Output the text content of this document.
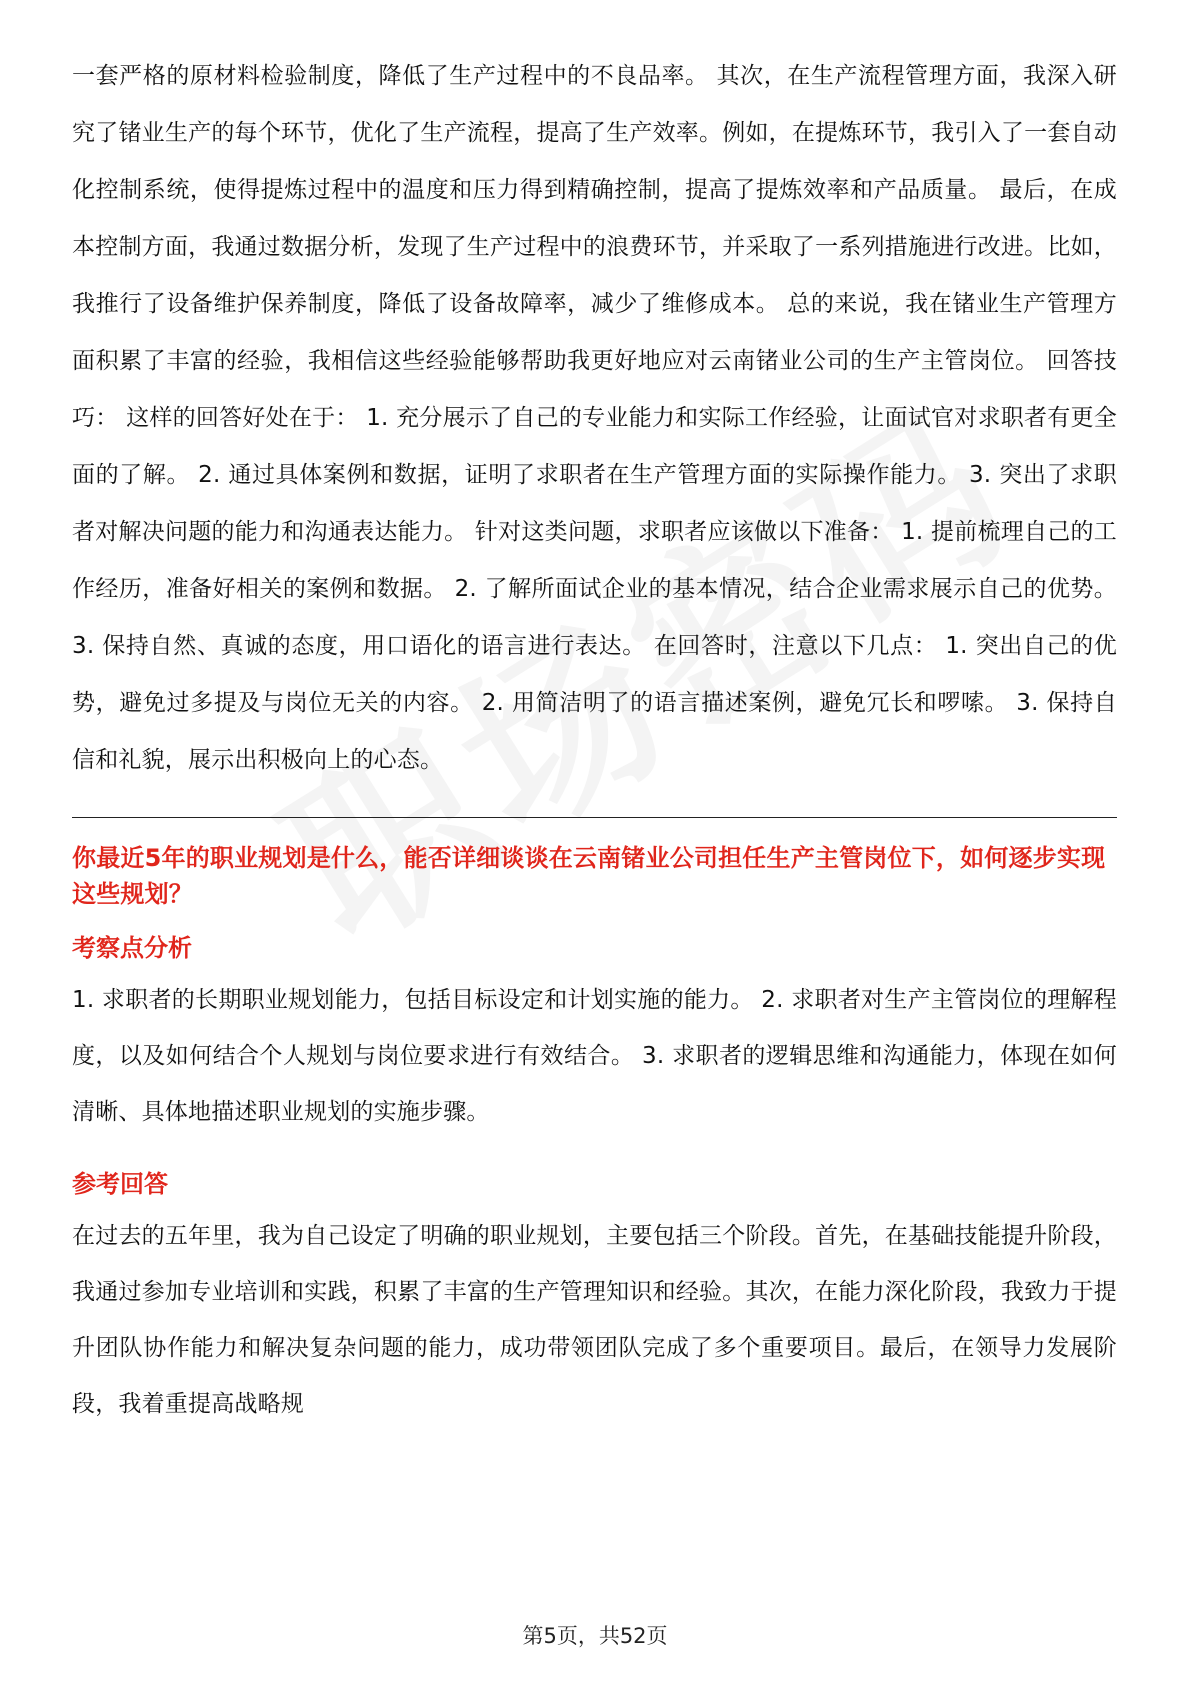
一套严格的原材料检验制度，降低了生产过程中的不良品率。 其次，在生产流程管理方面，我深入研究了锗业生产的每个环节，优化了生产流程，提高了生产效率。例如，在提炼环节，我引入了一套自动化控制系统，使得提炼过程中的温度和压力得到精确控制，提高了提炼效率和产品质量。 最后，在成本控制方面，我通过数据分析，发现了生产过程中的浪费环节，并采取了一系列措施进行改进。比如，我推行了设备维护保养制度，降低了设备故障率，减少了维修成本。 总的来说，我在锗业生产管理方面积累了丰富的经验，我相信这些经验能够帮助我更好地应对云南锗业公司的生产主管岗位。 回答技巧： 这样的回答好处在于： 1. 充分展示了自己的专业能力和实际工作经验，让面试官对求职者有更全面的了解。 2. 通过具体案例和数据，证明了求职者在生产管理方面的实际操作能力。 3. 突出了求职者对解决问题的能力和沟通表达能力。 针对这类问题，求职者应该做以下准备： 1. 提前梳理自己的工作经历，准备好相关的案例和数据。 2. 了解所面试企业的基本情况，结合企业需求展示自己的优势。 3. 保持自然、真诚的态度，用口语化的语言进行表达。 在回答时，注意以下几点： 1. 突出自己的优势，避免过多提及与岗位无关的内容。 2. 用简洁明了的语言描述案例，避免冗长和啰嗦。 3. 保持自信和礼貌，展示出积极向上的心态。

你最近5年的职业规划是什么，能否详细谈谈在云南锗业公司担任生产主管岗位下，如何逐步实现这些规划？
考察点分析

1. 求职者的长期职业规划能力，包括目标设定和计划实施的能力。 2. 求职者对生产主管岗位的理解程度，以及如何结合个人规划与岗位要求进行有效结合。 3. 求职者的逻辑思维和沟通能力，体现在如何清晰、具体地描述职业规划的实施步骤。

参考回答

在过去的五年里，我为自己设定了明确的职业规划，主要包括三个阶段。首先，在基础技能提升阶段，我通过参加专业培训和实践，积累了丰富的生产管理知识和经验。其次，在能力深化阶段，我致力于提升团队协作能力和解决复杂问题的能力，成功带领团队完成了多个重要项目。最后，在领导力发展阶段，我着重提高战略规

第5页，共52页
